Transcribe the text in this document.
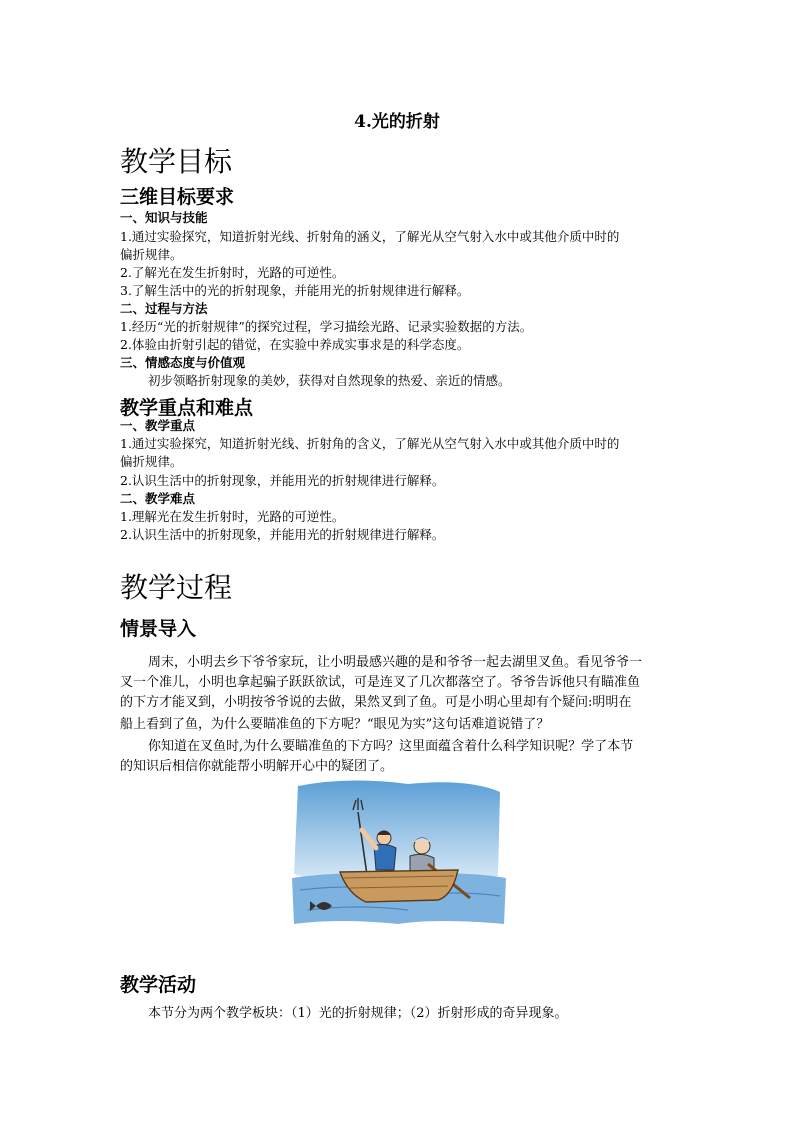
4.光的折射
教学目标
三维目标要求
一、知识与技能
1.通过实验探究，知道折射光线、折射角的涵义，了解光从空气射入水中或其他介质中时的
偏折规律。
2.了解光在发生折射时，光路的可逆性。
3.了解生活中的光的折射现象，并能用光的折射规律进行解释。
二、过程与方法
1.经历“光的折射规律”的探究过程，学习描绘光路、记录实验数据的方法。
2.体验由折射引起的错觉，在实验中养成实事求是的科学态度。
三、情感态度与价值观
初步领略折射现象的美妙，获得对自然现象的热爱、亲近的情感。
教学重点和难点
一、教学重点
1.通过实验探究，知道折射光线、折射角的含义，了解光从空气射入水中或其他介质中时的
偏折规律。
2.认识生活中的折射现象，并能用光的折射规律进行解释。
二、教学难点
1.理解光在发生折射时，光路的可逆性。
2.认识生活中的折射现象，并能用光的折射规律进行解释。
教学过程
情景导入
周末，小明去乡下爷爷家玩，让小明最感兴趣的是和爷爷一起去湖里叉鱼。看见爷爷一
叉一个准儿，小明也拿起骗子跃跃欲试，可是连叉了几次都落空了。爷爷告诉他只有瞄准鱼
的下方才能叉到，小明按爷爷说的去做，果然叉到了鱼。可是小明心里却有个疑问:明明在
船上看到了鱼，为什么要瞄准鱼的下方呢？“眼见为实”这句话难道说错了？
你知道在叉鱼时,为什么要瞄准鱼的下方吗？这里面蕴含着什么科学知识呢？学了本节
的知识后相信你就能帮小明解开心中的疑团了。
教学活动
本节分为两个教学板块：（1）光的折射规律；（2）折射形成的奇异现象。
